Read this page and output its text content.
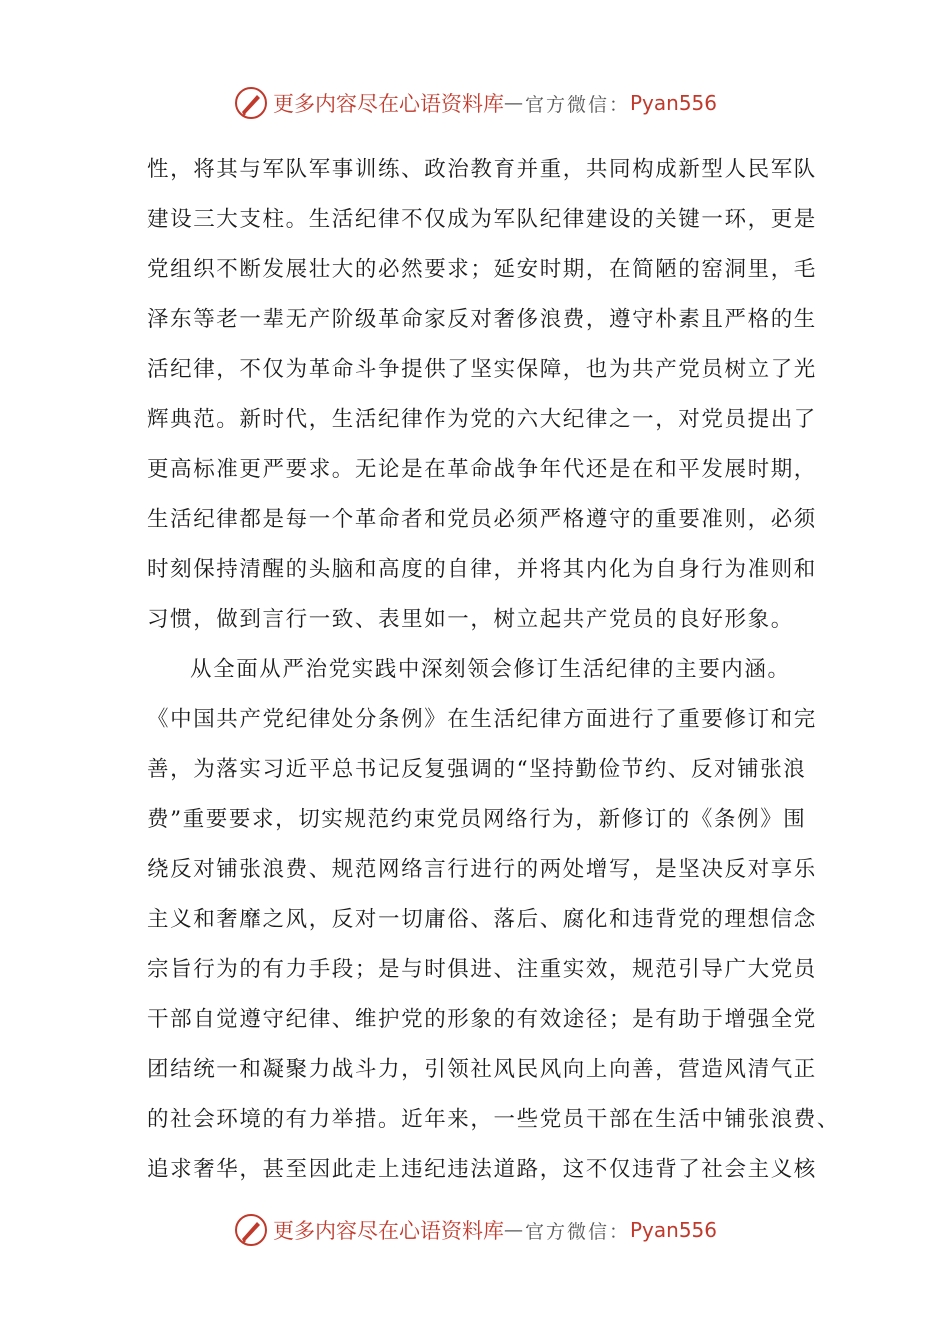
更多内容尽在心语资料库 — 官方微信： Pyan556
性，将其与军队军事训练、政治教育并重，共同构成新型人民军队
建设三大支柱。生活纪律不仅成为军队纪律建设的关键一环，更是
党组织不断发展壮大的必然要求；延安时期，在简陋的窑洞里，毛
泽东等老一辈无产阶级革命家反对奢侈浪费，遵守朴素且严格的生
活纪律，不仅为革命斗争提供了坚实保障，也为共产党员树立了光
辉典范。新时代，生活纪律作为党的六大纪律之一，对党员提出了
更高标准更严要求。无论是在革命战争年代还是在和平发展时期，
生活纪律都是每一个革命者和党员必须严格遵守的重要准则，必须
时刻保持清醒的头脑和高度的自律，并将其内化为自身行为准则和
习惯，做到言行一致、表里如一，树立起共产党员的良好形象。
从全面从严治党实践中深刻领会修订生活纪律的主要内涵。
《中国共产党纪律处分条例》在生活纪律方面进行了重要修订和完
善，为落实习近平总书记反复强调的“坚持勤俭节约、反对铺张浪
费”重要要求，切实规范约束党员网络行为，新修订的《条例》围
绕反对铺张浪费、规范网络言行进行的两处增写，是坚决反对享乐
主义和奢靡之风，反对一切庸俗、落后、腐化和违背党的理想信念
宗旨行为的有力手段；是与时俱进、注重实效，规范引导广大党员
干部自觉遵守纪律、维护党的形象的有效途径；是有助于增强全党
团结统一和凝聚力战斗力，引领社风民风向上向善，营造风清气正
的社会环境的有力举措。近年来，一些党员干部在生活中铺张浪费、
追求奢华，甚至因此走上违纪违法道路，这不仅违背了社会主义核
更多内容尽在心语资料库 — 官方微信： Pyan556
